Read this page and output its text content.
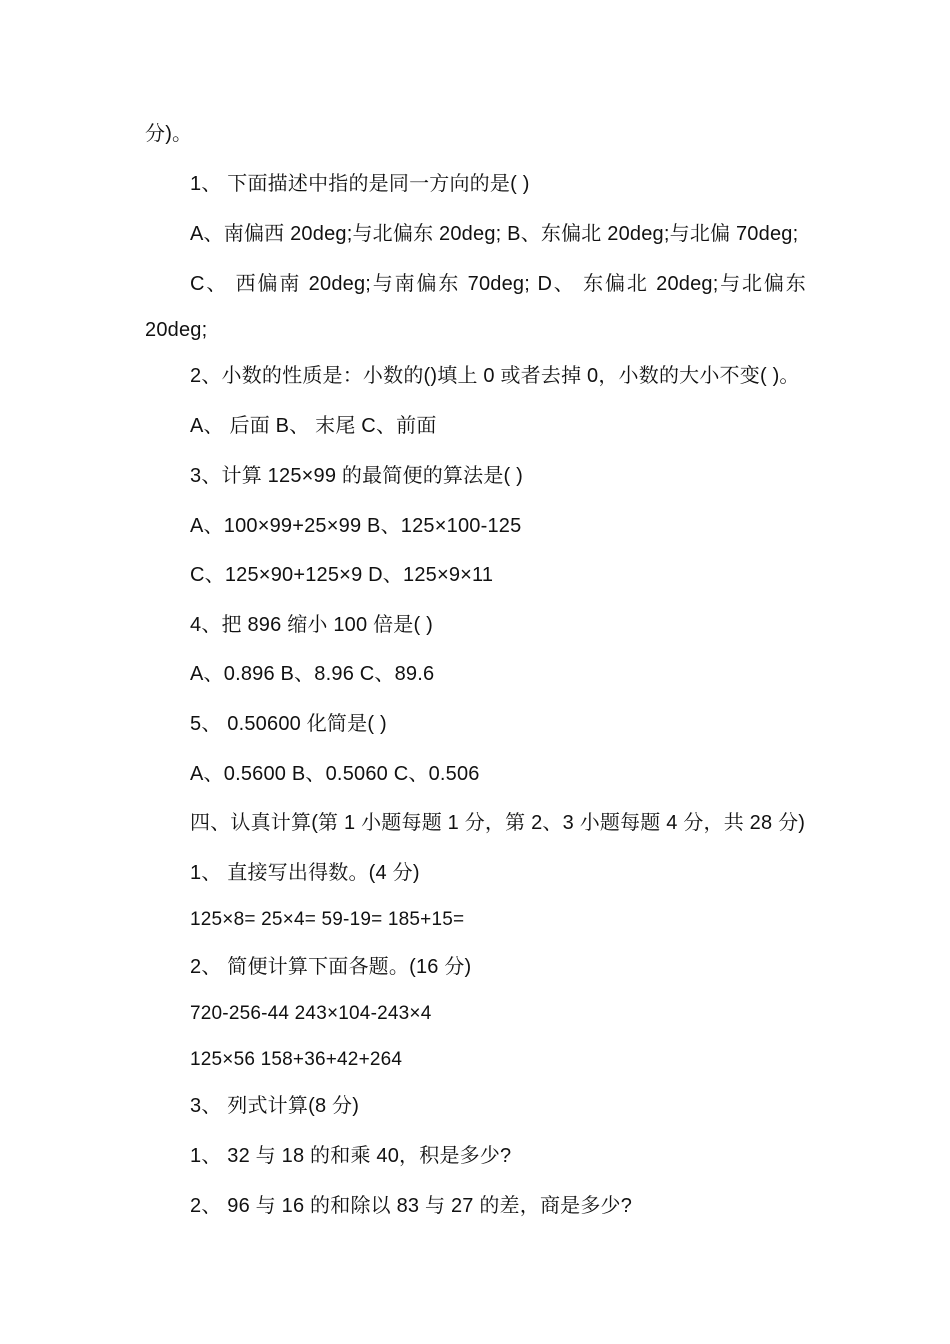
分)。

1、 下面描述中指的是同一方向的是( )

A、南偏西 20deg;与北偏东 20deg; B、东偏北 20deg;与北偏 70deg;

C、 西偏南 20deg;与南偏东 70deg; D、 东偏北 20deg;与北偏东

20deg;

2、小数的性质是：小数的()填上 0 或者去掉 0，小数的大小不变( )。

A、 后面 B、 末尾 C、前面

3、计算 125×99 的最简便的算法是( )

A、100×99+25×99 B、125×100-125

C、125×90+125×9 D、125×9×11

4、把 896 缩小 100 倍是( )

A、0.896 B、8.96 C、89.6

5、 0.50600 化简是( )

A、0.5600 B、0.5060 C、0.506

四、认真计算(第 1 小题每题 1 分，第 2、3 小题每题 4 分，共 28 分)

1、 直接写出得数。(4 分)

125×8= 25×4= 59-19= 185+15=

2、 简便计算下面各题。(16 分)

720-256-44 243×104-243×4

125×56 158+36+42+264

3、 列式计算(8 分)

1、 32 与 18 的和乘 40，积是多少?

2、 96 与 16 的和除以 83 与 27 的差，商是多少?
